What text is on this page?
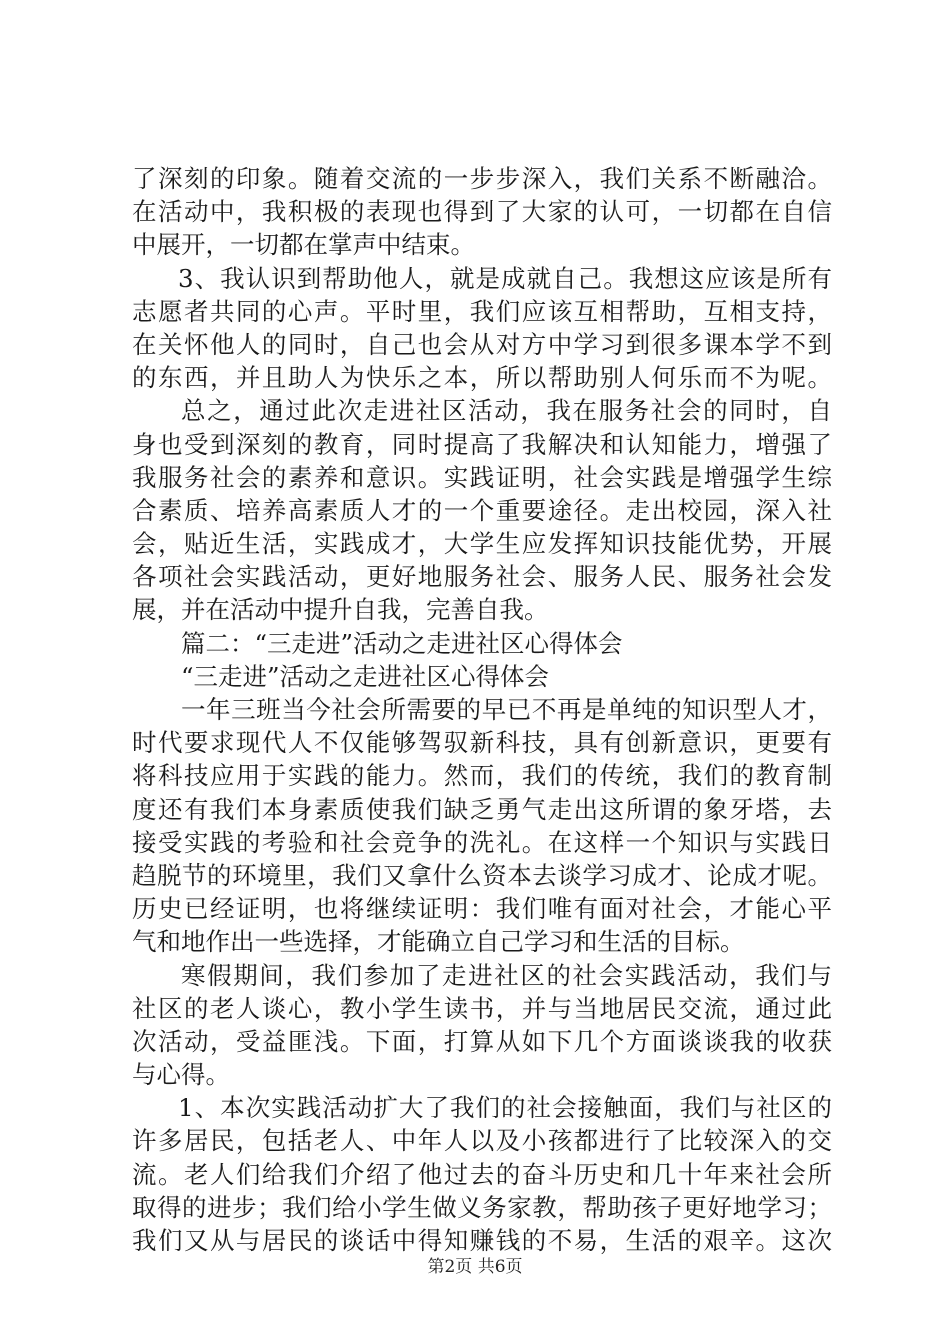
了深刻的印象。随着交流的一步步深入，我们关系不断融洽。
在活动中，我积极的表现也得到了大家的认可，一切都在自信
中展开，一切都在掌声中结束。
3、我认识到帮助他人，就是成就自己。我想这应该是所有
志愿者共同的心声。平时里，我们应该互相帮助，互相支持，
在关怀他人的同时，自己也会从对方中学习到很多课本学不到
的东西，并且助人为快乐之本，所以帮助别人何乐而不为呢。
总之，通过此次走进社区活动，我在服务社会的同时，自
身也受到深刻的教育，同时提高了我解决和认知能力，增强了
我服务社会的素养和意识。实践证明，社会实践是增强学生综
合素质、培养高素质人才的一个重要途径。走出校园，深入社
会，贴近生活，实践成才，大学生应发挥知识技能优势，开展
各项社会实践活动，更好地服务社会、服务人民、服务社会发
展，并在活动中提升自我，完善自我。
篇二：“三走进”活动之走进社区心得体会
“三走进”活动之走进社区心得体会
一年三班当今社会所需要的早已不再是单纯的知识型人才，
时代要求现代人不仅能够驾驭新科技，具有创新意识，更要有
将科技应用于实践的能力。然而，我们的传统，我们的教育制
度还有我们本身素质使我们缺乏勇气走出这所谓的象牙塔，去
接受实践的考验和社会竞争的洗礼。在这样一个知识与实践日
趋脱节的环境里，我们又拿什么资本去谈学习成才、论成才呢。
历史已经证明，也将继续证明：我们唯有面对社会，才能心平
气和地作出一些选择，才能确立自己学习和生活的目标。
寒假期间，我们参加了走进社区的社会实践活动，我们与
社区的老人谈心，教小学生读书，并与当地居民交流，通过此
次活动，受益匪浅。下面，打算从如下几个方面谈谈我的收获
与心得。
1、本次实践活动扩大了我们的社会接触面，我们与社区的
许多居民，包括老人、中年人以及小孩都进行了比较深入的交
流。老人们给我们介绍了他过去的奋斗历史和几十年来社会所
取得的进步；我们给小学生做义务家教，帮助孩子更好地学习；
我们又从与居民的谈话中得知赚钱的不易，生活的艰辛。这次
第2页 共6页
